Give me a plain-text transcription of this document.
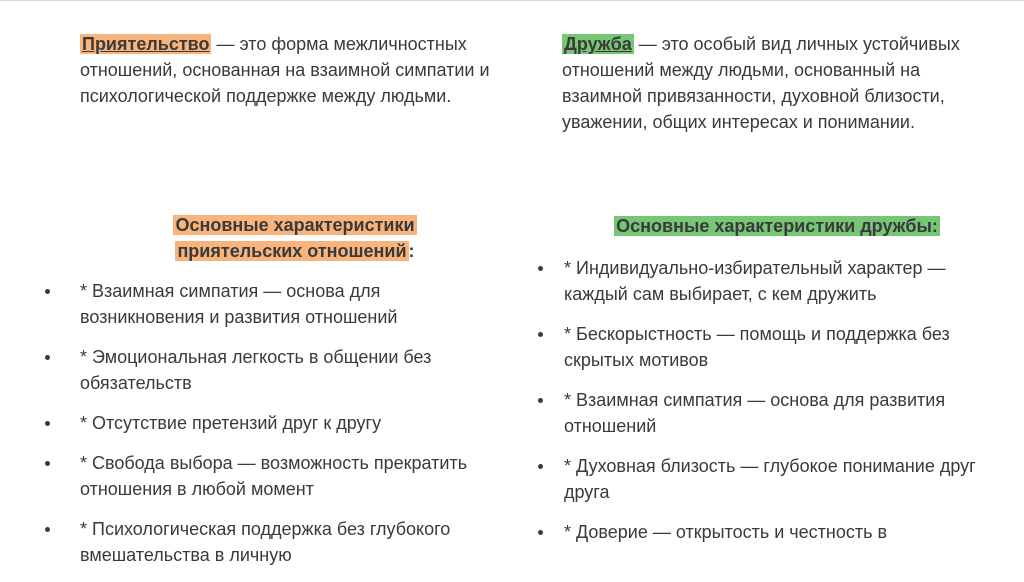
Приятельство — это форма межличностных отношений, основанная на взаимной симпатии и психологической поддержке между людьми.

Основные характеристики
приятельских отношений :

* Взаимная симпатия — основа для возникновения и развития отношений
* Эмоциональная легкость в общении без обязательств
* Отсутствие претензий друг к другу
* Свобода выбора — возможность прекратить отношения в любой момент
* Психологическая поддержка без глубокого вмешательства в личную

Дружба — это особый вид личных устойчивых отношений между людьми, основанный на взаимной привязанности, духовной близости, уважении, общих интересах и понимании.

Основные характеристики дружбы:

* Индивидуально-избирательный характер — каждый сам выбирает, с кем дружить
* Бескорыстность — помощь и поддержка без скрытых мотивов
* Взаимная симпатия — основа для развития отношений
* Духовная близость — глубокое понимание друг друга
* Доверие — открытость и честность в
